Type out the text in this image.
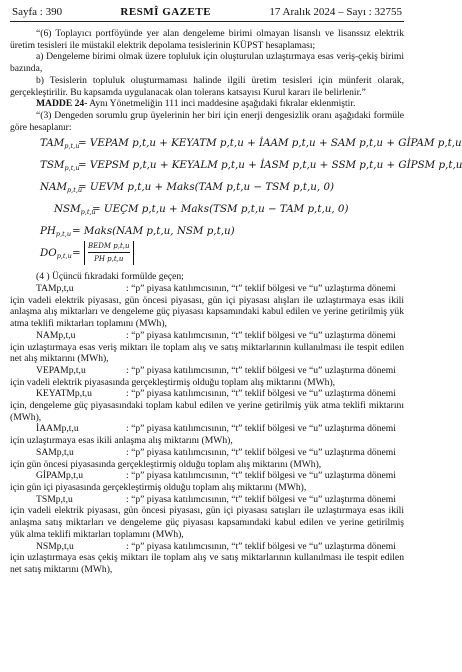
Sayfa : 390	RESMÎ GAZETE	17 Aralık 2024 – Sayı : 32755

“(6) Toplayıcı portföyünde yer alan dengeleme birimi olmayan lisanslı ve lisanssız elektrik üretim tesisleri ile müstakil elektrik depolama tesislerinin KÜPST hesaplaması;

a) Dengeleme birimi olmak üzere topluluk için oluşturulan uzlaştırmaya esas veriş-çekiş birimi bazında,

b) Tesislerin topluluk oluşturmaması halinde ilgili üretim tesisleri için münferit olarak, gerçekleştirilir. Bu kapsamda uygulanacak olan tolerans katsayısı Kurul kararı ile belirlenir.”

MADDE 24- Aynı Yönetmeliğin 111 inci maddesine aşağıdaki fıkralar eklenmiştir.

“(3) Dengeden sorumlu grup üyelerinin her biri için enerji dengesizlik oranı aşağıdaki formüle göre hesaplanır:

$TAM_{p,t,u}$
= VEPAM p,t,u + KEYATM p,t,u + İAAM p,t,u + SAM p,t,u + GİPAM p,t,u
$TSM_{p,t,u}$
= VEPSM p,t,u + KEYALM p,t,u + İASM p,t,u + SSM p,t,u + GİPSM p,t,u
$NAM_{p,t,u}$
= UEVM p,t,u + Maks(TAM p,t,u − TSM p,t,u, 0)
$NSM_{p,t,u}$
= UEÇM p,t,u + Maks(TSM p,t,u − TAM p,t,u, 0)
$PH_{p,t,u}$ = Maks(NAM p,t,u, NSM p,t,u)
$DO_{p,t,u}$ =
BEDM p,t,u
PH p,t,u

(4 ) Üçüncü fıkradaki formülde geçen;

TAMp,t,u	: “p” piyasa katılımcısının, “t” teklif bölgesi ve “u” uzlaştırma dönemi

için vadeli elektrik piyasası, gün öncesi piyasası, gün içi piyasası alışları ile uzlaştırmaya esas ikili anlaşma alış miktarları ve dengeleme güç piyasası kapsamındaki kabul edilen ve yerine getirilmiş yük atma teklifi miktarları toplamını (MWh),

NAMp,t,u	: “p” piyasa katılımcısının, “t” teklif bölgesi ve “u” uzlaştırma dönemi

için uzlaştırmaya esas veriş miktarı ile toplam alış ve satış miktarlarının kullanılması ile tespit edilen net alış miktarını (MWh),

VEPAMp,t,u	: “p” piyasa katılımcısının, “t” teklif bölgesi ve “u” uzlaştırma dönemi

için vadeli elektrik piyasasında gerçekleştirmiş olduğu toplam alış miktarını (MWh),

KEYATMp,t,u	: “p” piyasa katılımcısının, “t” teklif bölgesi ve “u” uzlaştırma dönemi

için, dengeleme güç piyasasındaki toplam kabul edilen ve yerine getirilmiş yük atma teklifi miktarını (MWh),

İAAMp,t,u	: “p” piyasa katılımcısının, “t” teklif bölgesi ve “u” uzlaştırma dönemi

için uzlaştırmaya esas ikili anlaşma alış miktarını (MWh),

SAMp,t,u	: “p” piyasa katılımcısının, “t” teklif bölgesi ve “u” uzlaştırma dönemi

için gün öncesi piyasasında gerçekleştirmiş olduğu toplam alış miktarını (MWh),

GİPAMp,t,u	: “p” piyasa katılımcısının, “t” teklif bölgesi ve “u” uzlaştırma dönemi

için gün içi piyasasında gerçekleştirmiş olduğu toplam alış miktarını (MWh),

TSMp,t,u	: “p” piyasa katılımcısının, “t” teklif bölgesi ve “u” uzlaştırma dönemi

için vadeli elektrik piyasası, gün öncesi piyasası, gün içi piyasası satışları ile uzlaştırmaya esas ikili anlaşma satış miktarları ve dengeleme güç piyasası kapsamındaki kabul edilen ve yerine getirilmiş yük alma teklifi miktarları toplamını (MWh),

NSMp,t,u	: “p” piyasa katılımcısının, “t” teklif bölgesi ve “u” uzlaştırma dönemi

için uzlaştırmaya esas çekiş miktarı ile toplam alış ve satış miktarlarının kullanılması ile tespit edilen net satış miktarını (MWh),
